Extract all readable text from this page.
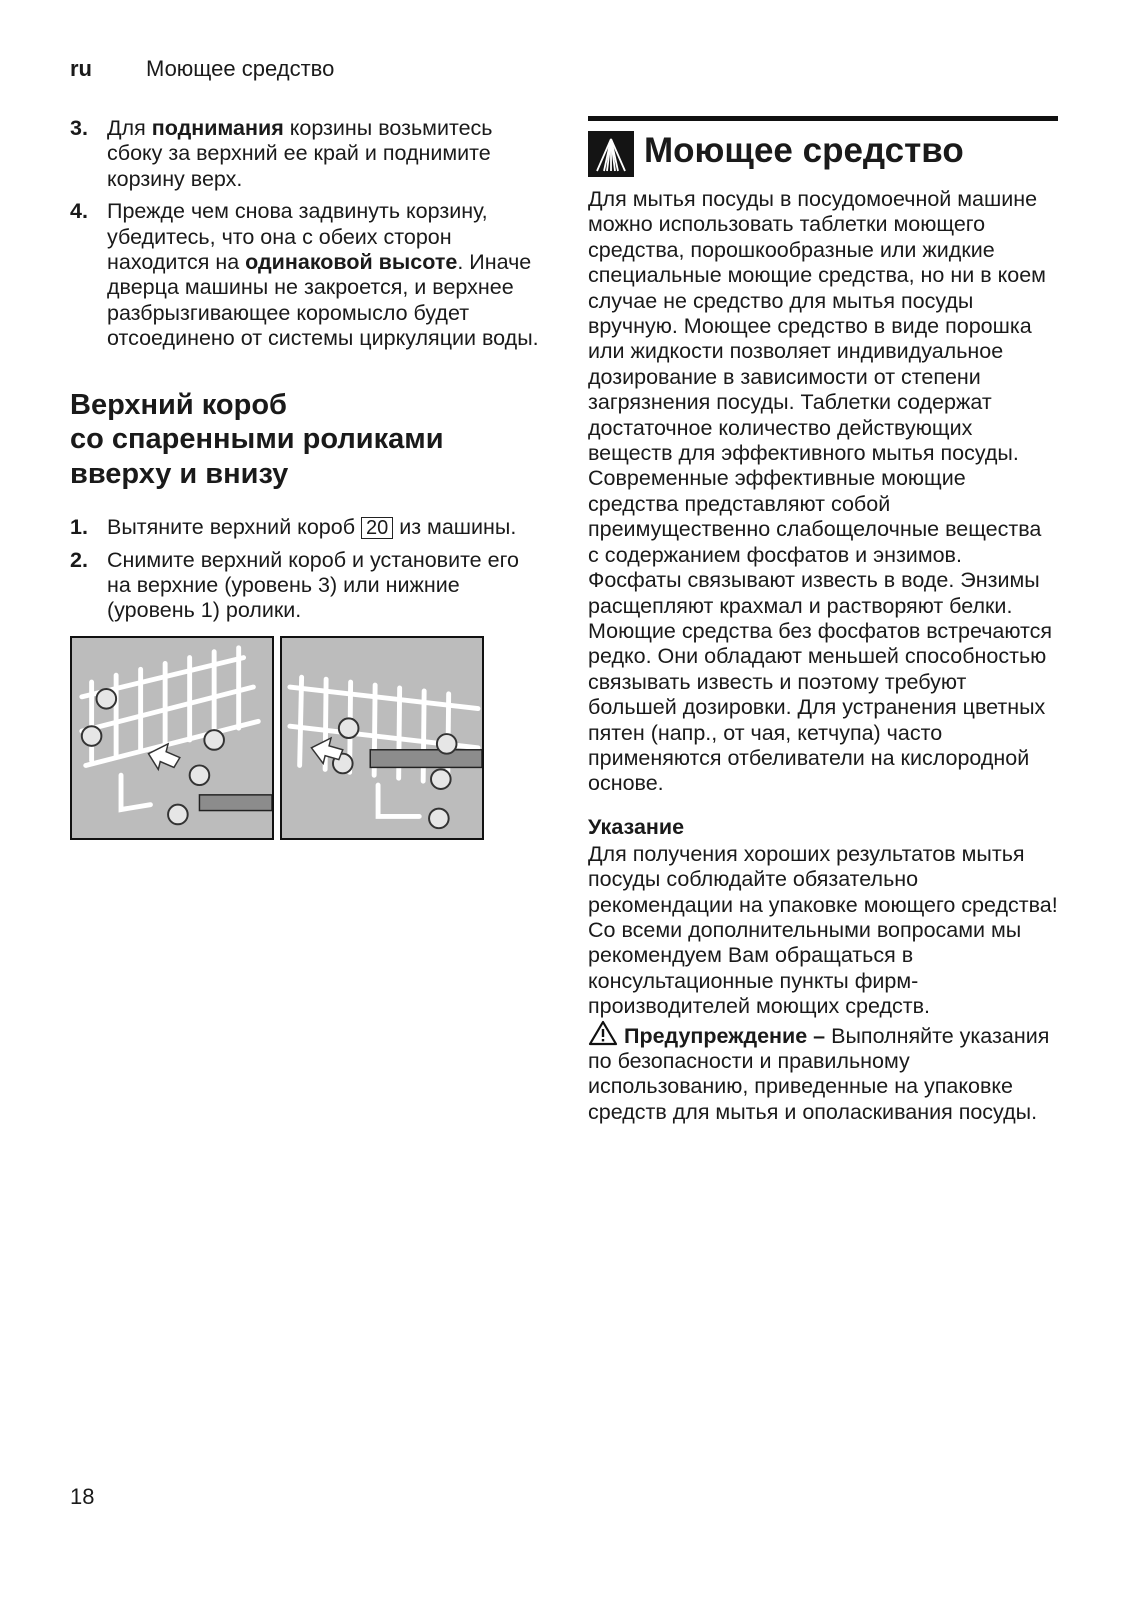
ru Моющее средство
3. Для поднимания корзины возьмитесь сбоку за верхний ее край и поднимите корзину верх.
4. Прежде чем снова задвинуть корзину, убедитесь, что она с обеих сторон находится на одинаковой высоте. Иначе дверца машины не закроется, и верхнее разбрызгивающее коромысло будет отсоединено от системы циркуляции воды.
Верхний короб
со спаренными роликами
вверху и внизу
1. Вытяните верхний короб 20 из машины.
2. Снимите верхний короб и установите его на верхние (уровень 3) или нижние (уровень 1) ролики.
Моющее средство

Для мытья посуды в посудомоечной машине можно использовать таблетки моющего средства, порошкообразные или жидкие специальные моющие средства, но ни в коем случае не средство для мытья посуды вручную. Моющее средство в виде порошка или жидкости позволяет индивидуальное дозирование в зависимости от степени загрязнения посуды. Таблетки содержат достаточное количество действующих веществ для эффективного мытья посуды. Современные эффективные моющие средства представляют собой преимущественно слабощелочные вещества с содержанием фосфатов и энзимов. Фосфаты связывают известь в воде. Энзимы расщепляют крахмал и растворяют белки. Моющие средства без фосфатов встречаются редко. Они обладают меньшей способностью связывать известь и поэтому требуют большей дозировки. Для устранения цветных пятен (напр., от чая, кетчупа) часто применяются отбеливатели на кислородной основе.

Указание

Для получения хороших результатов мытья посуды соблюдайте обязательно рекомендации на упаковке моющего средства!

Со всеми дополнительными вопросами мы рекомендуем Вам обращаться в консультационные пункты фирм-производителей моющих средств.

Предупреждение – Выполняйте указания по безопасности и правильному использованию, приведенные на упаковке средств для мытья и ополаскивания посуды.

18
